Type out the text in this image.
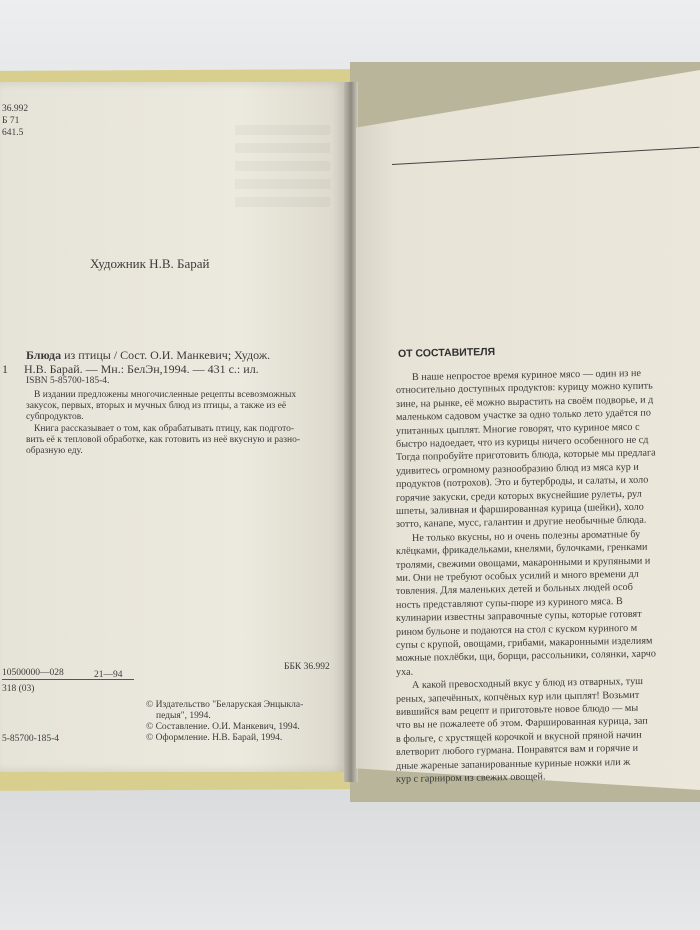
36.992
Б 71
641.5
Художник Н.В. Барай
Блюда из птицы / Сост. О.И. Манкевич; Худож.
1 Н.В. Барай. — Мн.: БелЭн,1994. — 431 с.: ил.
ISBN 5-85700-185-4.
В издании предложены многочисленные рецепты всевозможных
закусок, первых, вторых и мучных блюд из птицы, а также из её
субпродуктов.
Книга рассказывает о том, как обрабатывать птицу, как подгото-
вить её к тепловой обработке, как готовить из неё вкусную и разно-
образную еду.
10500000—028	21—94
318 (03)
ББК 36.992
© Издательство "Беларуская Энцыкла-
педыя", 1994.
© Составление. О.И. Манкевич, 1994.
© Оформление. Н.В. Барай, 1994.
5-85700-185-4
ОТ СОСТАВИТЕЛЯ
В наше непростое время куриное мясо — один из не
относительно доступных продуктов: курицу можно купить
зине, на рынке, её можно вырастить на своём подворье, и д
маленьком садовом участке за одно только лето удаётся по
упитанных цыплят. Многие говорят, что куриное мясо с
быстро надоедает, что из курицы ничего особенного не сд
Тогда попробуйте приготовить блюда, которые мы предлага
удивитесь огромному разнообразию блюд из мяса кур и
продуктов (потрохов). Это и бутерброды, и салаты, и холо
горячие закуски, среди которых вкуснейшие рулеты, рул
шпеты, заливная и фаршированная курица (шейки), холо
зотто, канапе, мусс, галантин и другие необычные блюда.
Не только вкусны, но и очень полезны ароматные бу
клёцками, фрикадельками, кнелями, булочками, гренками
тролями, свежими овощами, макаронными и крупяными и
ми. Они не требуют особых усилий и много времени дл
товления. Для маленьких детей и больных людей особ
ность представляют супы-пюре из куриного мяса. В
кулинарии известны заправочные супы, которые готовят
рином бульоне и подаются на стол с куском куриного м
супы с крупой, овощами, грибами, макаронными изделиям
можные похлёбки, щи, борщи, рассольники, солянки, харчо
уха.
А какой превосходный вкус у блюд из отварных, туш
реных, запечённых, копчёных кур или цыплят! Возьмит
вившийся вам рецепт и приготовьте новое блюдо — мы
что вы не пожалеете об этом. Фаршированная курица, зап
в фольге, с хрустящей корочкой и вкусной пряной начин
влетворит любого гурмана. Понравятся вам и горячие и
дные жареные запанированные куриные ножки или ж
кур с гарниром из свежих овощей.
